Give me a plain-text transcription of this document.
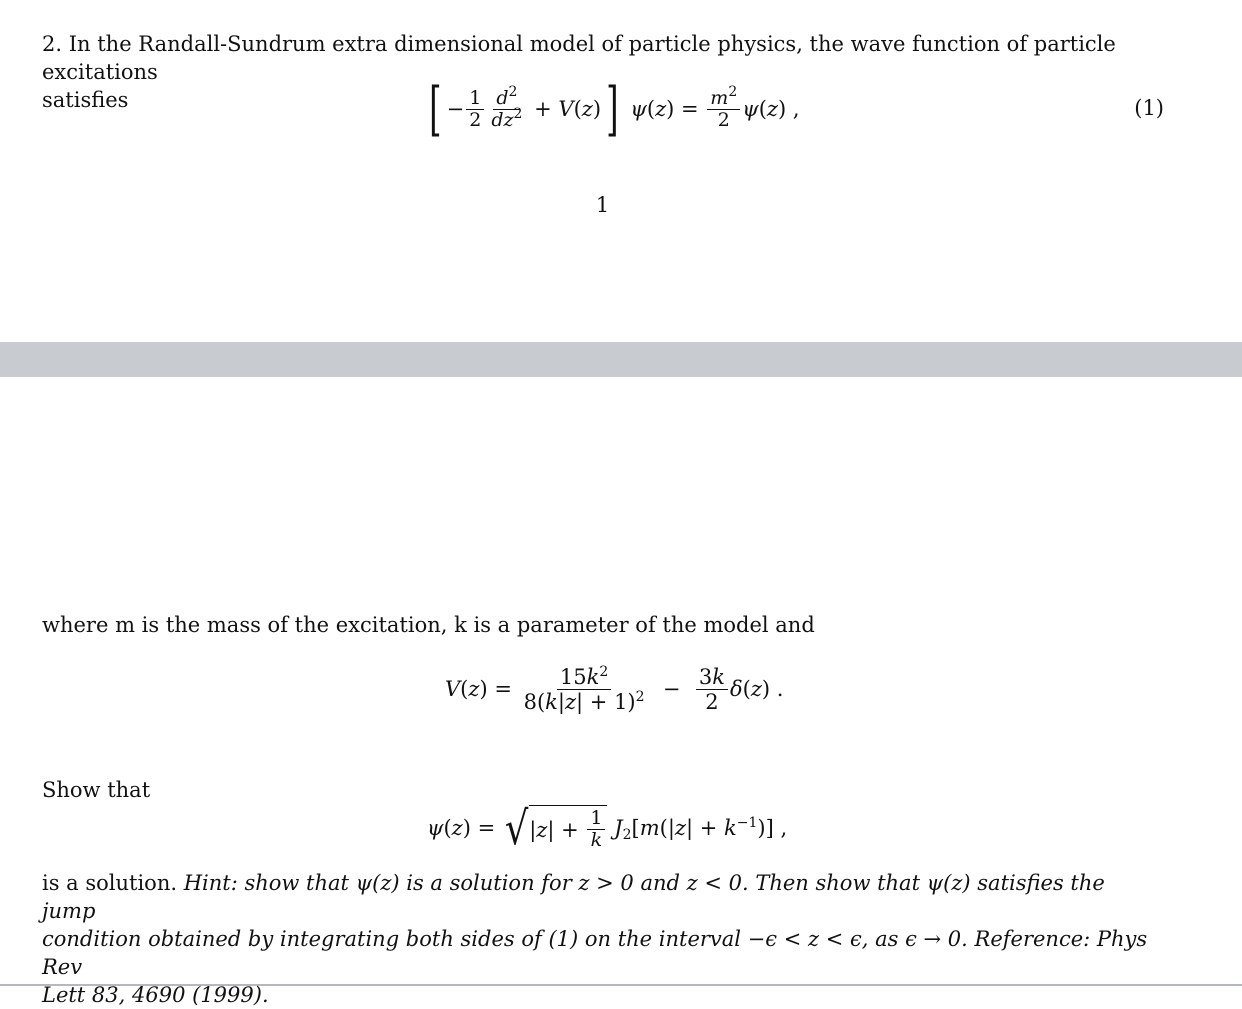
2. In the Randall-Sundrum extra dimensional model of particle physics, the wave function of particle excitations
satisfies	[ − $\frac{1}{2} \frac{d^2}{dz^2} + V(z)$ ] $\psi(z) = \frac{m^2}{2} \psi(z)$ ,	(1)
1
where m is the mass of the excitation, k is a parameter of the model and
$V(z) = \frac{15k^2}{8(k|z| + 1)^2} - \frac{3k}{2} \delta(z)$ .
Show that
ψ(z) = √ | z | + $\frac{1}{k} J_2[m(|z| + k^{-1})]$ ,
is a solution. Hint: show that ψ(z) is a solution for z > 0 and z < 0. Then show that ψ(z) satisfies the jump
condition obtained by integrating both sides of (1) on the interval −ϵ < z < ϵ, as ϵ → 0. Reference: Phys Rev
Lett 83, 4690 (1999).
